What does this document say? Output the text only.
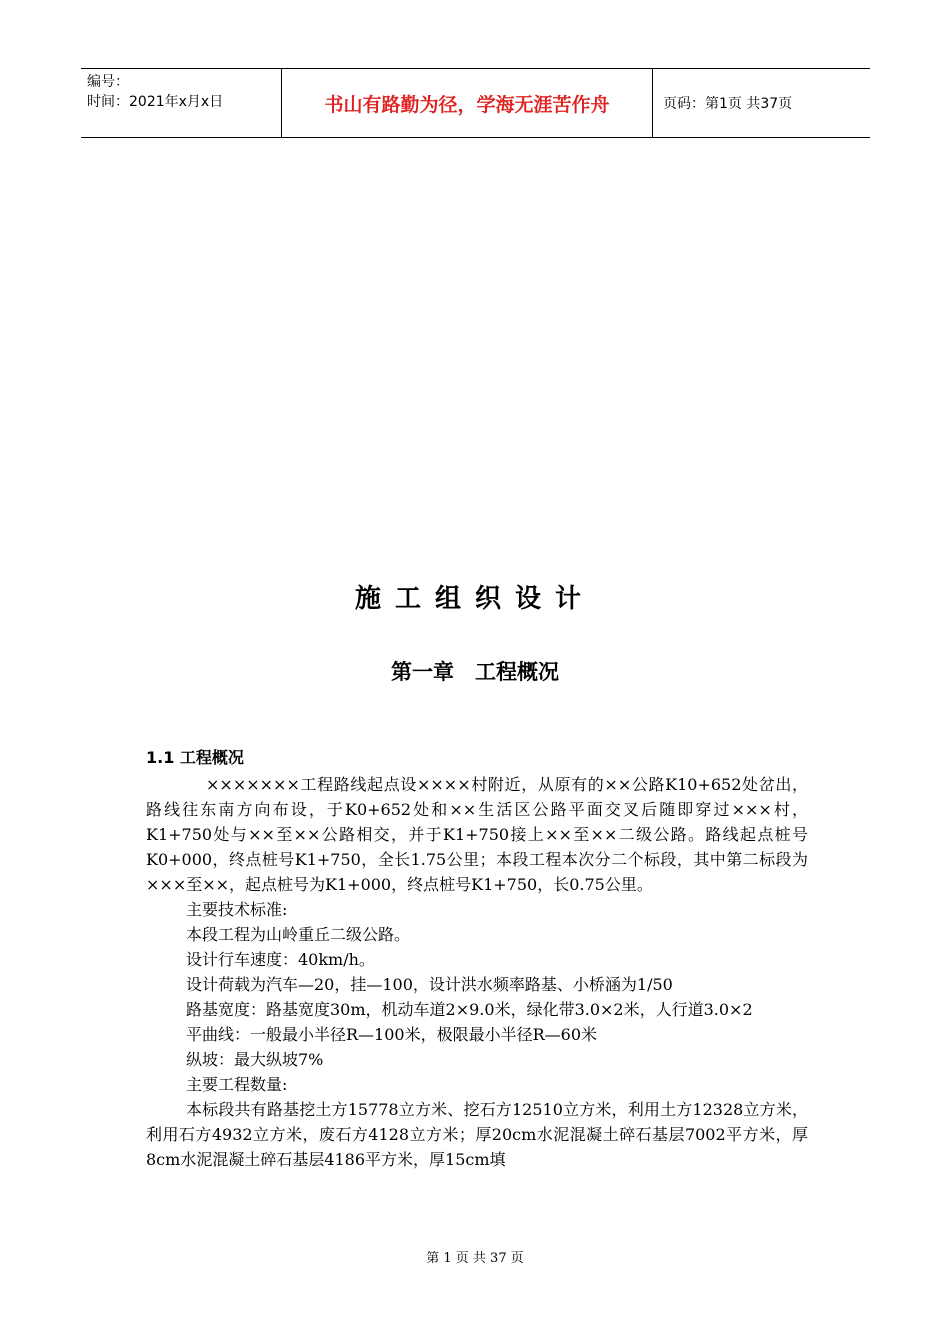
编号：
时间：2021年x月x日	书山有路勤为径，学海无涯苦作舟	页码：第1页 共37页
施工组织设计
第一章　工程概况
1.1 工程概况
×××××××工程路线起点设××××村附近，从原有的××公路K10+652处岔出，路线往东南方向布设，于K0+652处和××生活区公路平面交叉后随即穿过×××村，K1+750处与××至××公路相交，并于K1+750接上××至××二级公路。路线起点桩号K0+000，终点桩号K1+750，全长1.75公里；本段工程本次分二个标段，其中第二标段为×××至××，起点桩号为K1+000，终点桩号K1+750，长0.75公里。
主要技术标准:
本段工程为山岭重丘二级公路。
设计行车速度：40km/h。
设计荷载为汽车—20，挂—100，设计洪水频率路基、小桥涵为1/50
路基宽度：路基宽度30m，机动车道2×9.0米，绿化带3.0×2米，人行道3.0×2
平曲线：一般最小半径R—100米，极限最小半径R—60米
纵坡：最大纵坡7%
主要工程数量:
本标段共有路基挖土方15778立方米、挖石方12510立方米，利用土方12328立方米，利用石方4932立方米，废石方4128立方米；厚20cm水泥混凝土碎石基层7002平方米，厚8cm水泥混凝土碎石基层4186平方米，厚15cm填
第 1 页 共 37 页
